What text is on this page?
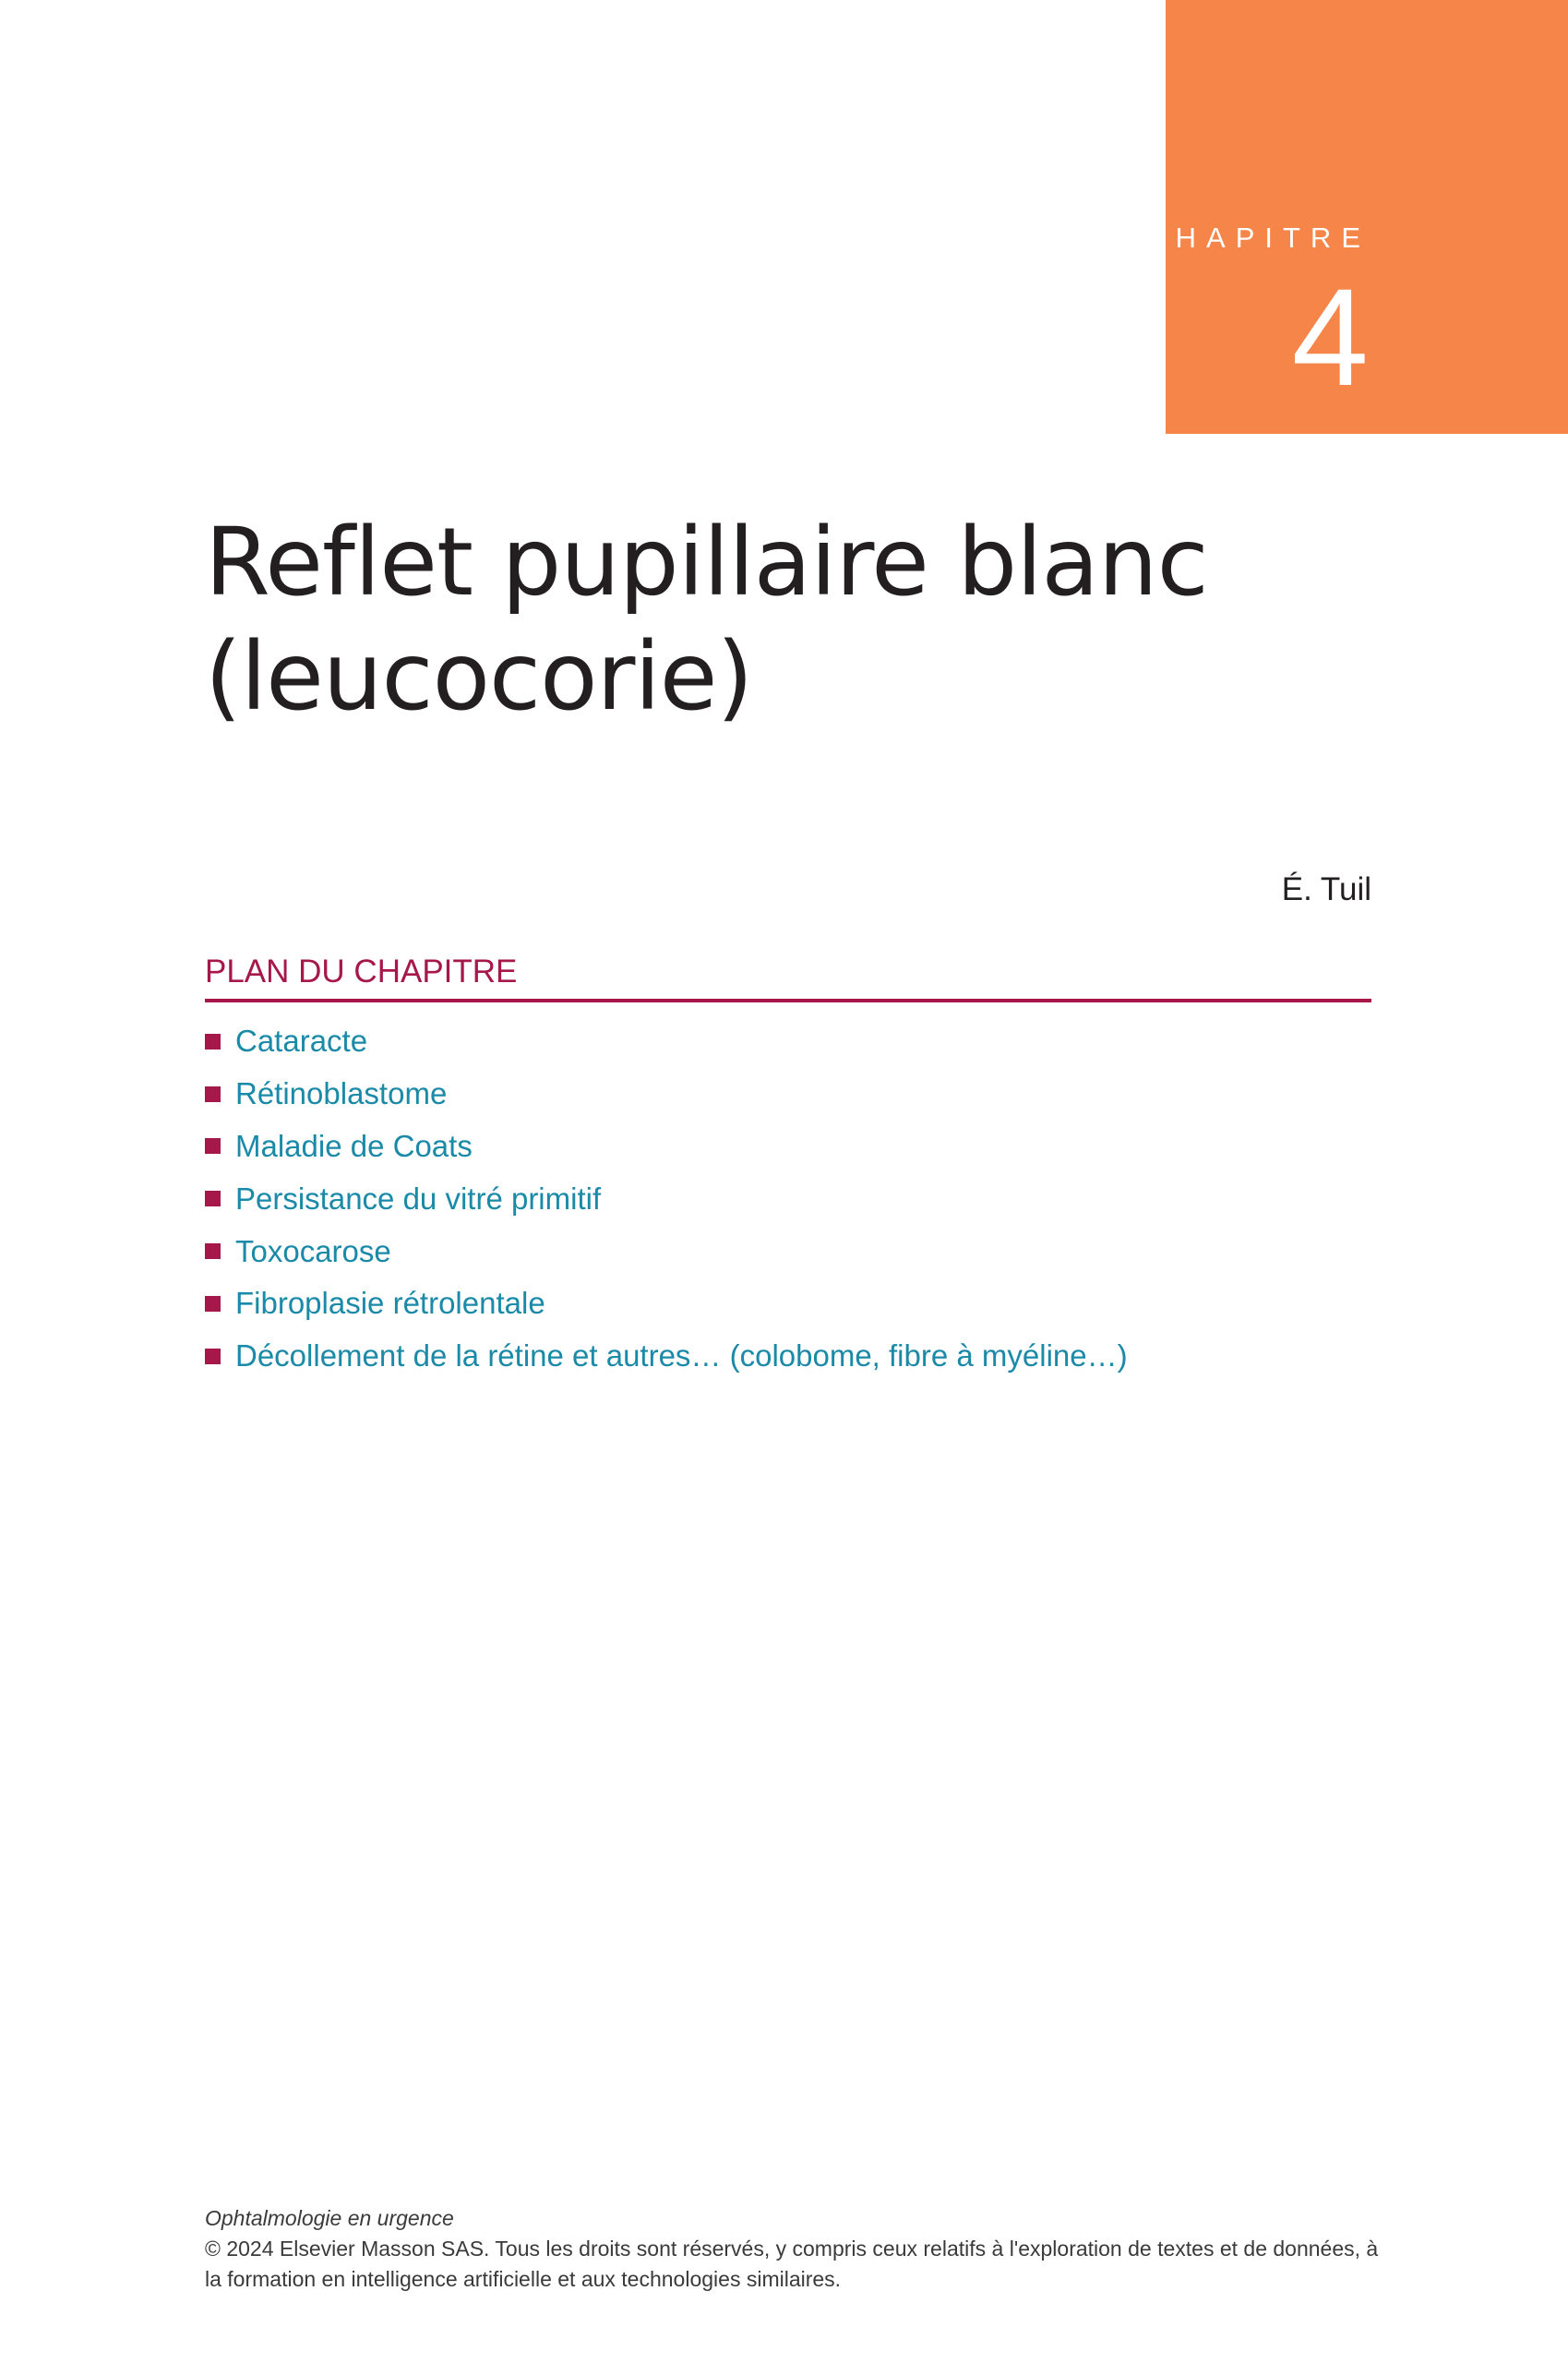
CHAPITRE
4
Reflet pupillaire blanc
(leucocorie)
É. Tuil
PLAN DU CHAPITRE
Cataracte
Rétinoblastome
Maladie de Coats
Persistance du vitré primitif
Toxocarose
Fibroplasie rétrolentale
Décollement de la rétine et autres… (colobome, fibre à myéline…)
Ophtalmologie en urgence
© 2024 Elsevier Masson SAS. Tous les droits sont réservés, y compris ceux relatifs à l'exploration de textes et de données, à la formation en intelligence artificielle et aux technologies similaires.
